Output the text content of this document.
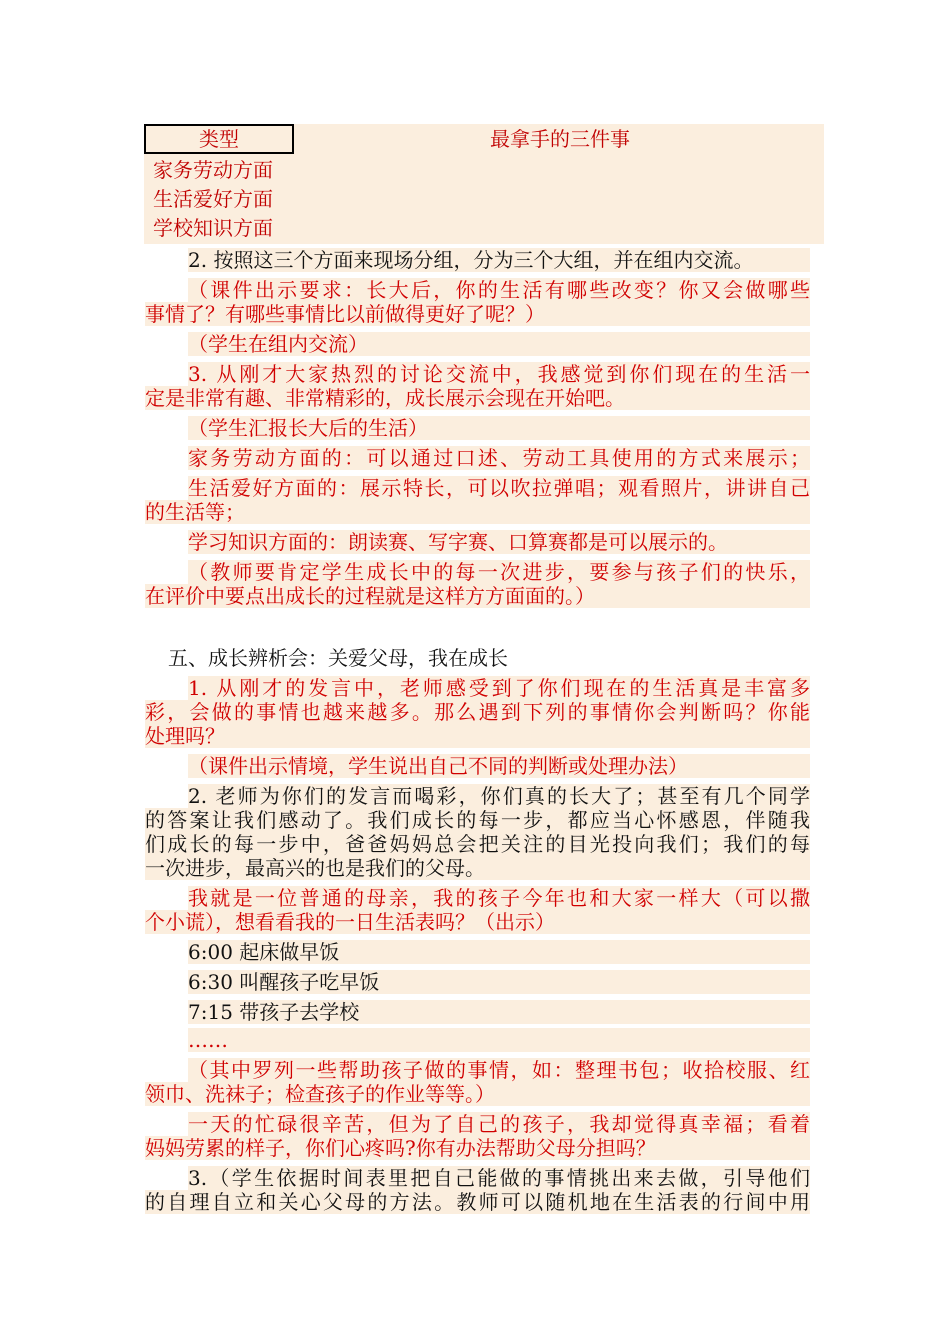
类型	最拿手的三件事
家务劳动方面
生活爱好方面
学校知识方面
2. 按照这三个方面来现场分组，分为三个大组，并在组内交流。
（课件出示要求：长大后，你的生活有哪些改变？你又会做哪些
事情了？有哪些事情比以前做得更好了呢？）
（学生在组内交流）
3. 从刚才大家热烈的讨论交流中，我感觉到你们现在的生活一
定是非常有趣、非常精彩的，成长展示会现在开始吧。
（学生汇报长大后的生活）
家务劳动方面的：可以通过口述、劳动工具使用的方式来展示；
生活爱好方面的：展示特长，可以吹拉弹唱；观看照片，讲讲自己
的生活等；
学习知识方面的：朗读赛、写字赛、口算赛都是可以展示的。
（教师要肯定学生成长中的每一次进步，要参与孩子们的快乐，
在评价中要点出成长的过程就是这样方方面面的。）
五、成长辨析会：关爱父母，我在成长
1. 从刚才的发言中，老师感受到了你们现在的生活真是丰富多
彩，会做的事情也越来越多。那么遇到下列的事情你会判断吗？你能
处理吗？
（课件出示情境，学生说出自己不同的判断或处理办法）
2. 老师为你们的发言而喝彩，你们真的长大了；甚至有几个同学
的答案让我们感动了。我们成长的每一步，都应当心怀感恩，伴随我
们成长的每一步中，爸爸妈妈总会把关注的目光投向我们；我们的每
一次进步，最高兴的也是我们的父母。
我就是一位普通的母亲，我的孩子今年也和大家一样大（可以撒
个小谎），想看看我的一日生活表吗？（出示）
6:00 起床做早饭
6:30 叫醒孩子吃早饭
7:15 带孩子去学校
……
（其中罗列一些帮助孩子做的事情，如：整理书包；收拾校服、红
领巾、洗袜子；检查孩子的作业等等。）
一天的忙碌很辛苦，但为了自己的孩子，我却觉得真幸福；看着
妈妈劳累的样子，你们心疼吗?你有办法帮助父母分担吗？
3.（学生依据时间表里把自己能做的事情挑出来去做，引导他们
的自理自立和关心父母的方法。教师可以随机地在生活表的行间中用
